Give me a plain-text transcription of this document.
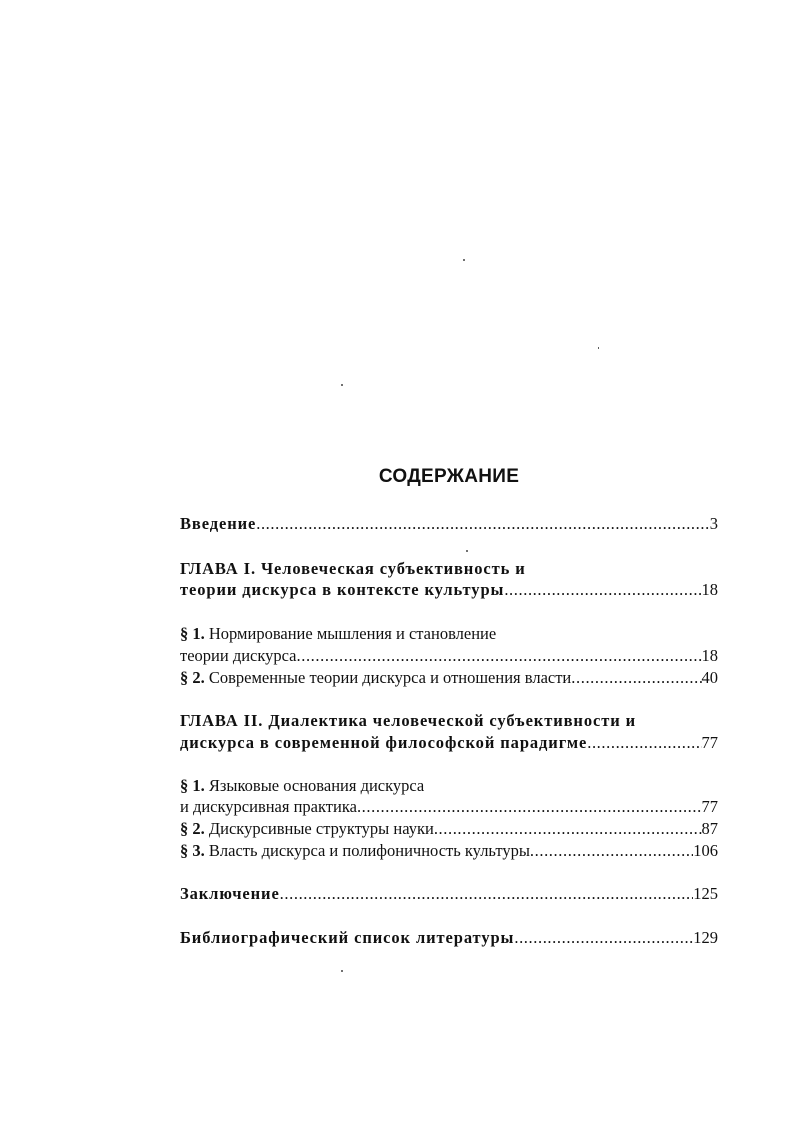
СОДЕРЖАНИЕ
Введение .....	3
ГЛАВА I. Человеческая субъективность и
теории дискурса в контексте культуры .....	18
§ 1. Нормирование мышления и становление
теории дискурса .....	18
§ 2. Современные теории дискурса и отношения власти .....	40
ГЛАВА II. Диалектика человеческой субъективности и
дискурса в современной философской парадигме .....	77
§ 1. Языковые основания дискурса
и дискурсивная практика .....	77
§ 2. Дискурсивные структуры науки .....	87
§ 3. Власть дискурса и полифоничность культуры .....	106
Заключение .....	125
Библиографический список литературы .....	129
